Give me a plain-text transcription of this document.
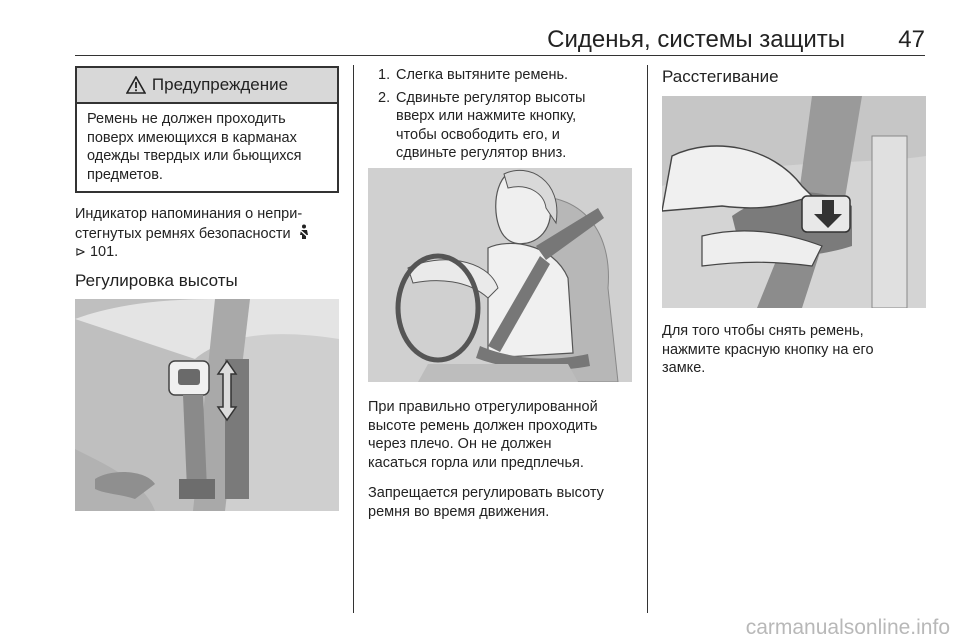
Сиденья, системы защиты 47
Предупреждение
Ремень не должен проходить
поверх имеющихся в карманах
одежды твердых или бьющихся
предметов.
Индикатор напоминания о непри-
стегнутых ремнях безопасности
⊳ 101.
Регулировка высоты
1. Слегка вытяните ремень.
2. Сдвиньте регулятор высоты
вверх или нажмите кнопку,
чтобы освободить его, и
сдвиньте регулятор вниз.
При правильно отрегулированной
высоте ремень должен проходить
через плечо. Он не должен
касаться горла или предплечья.
Запрещается регулировать высоту
ремня во время движения.
Расстегивание
Для того чтобы снять ремень,
нажмите красную кнопку на его
замке.
carmanualsonline.info
